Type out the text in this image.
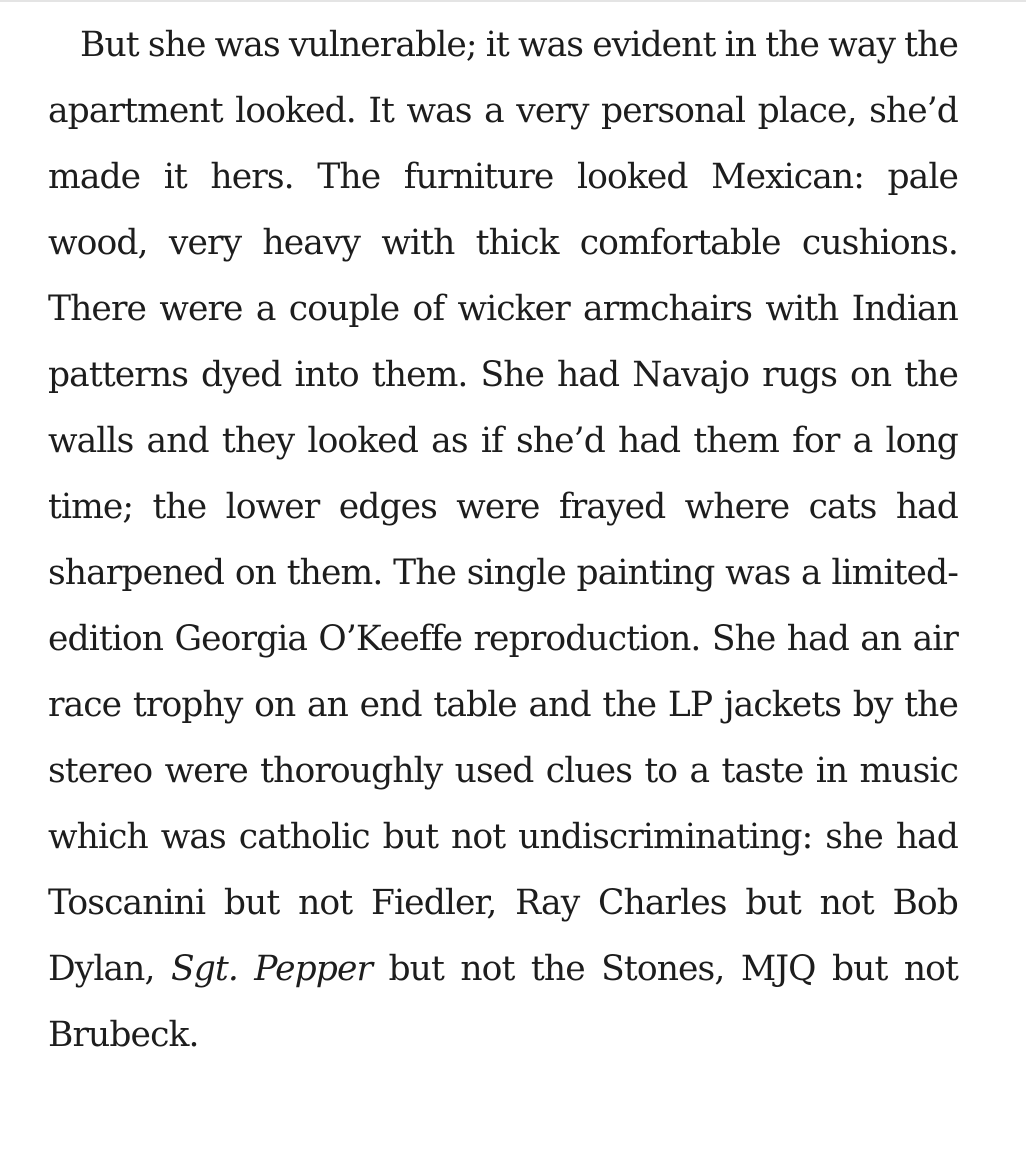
But she was vulnerable; it was evident in the way the apartment looked. It was a very personal place, she’d made it hers. The furniture looked Mexican: pale wood, very heavy with thick comfortable cushions. There were a couple of wicker armchairs with Indian patterns dyed into them. She had Navajo rugs on the walls and they looked as if she’d had them for a long time; the lower edges were frayed where cats had sharpened on them. The single painting was a limited-edition Georgia O’Keeffe reproduction. She had an air race trophy on an end table and the LP jackets by the stereo were thoroughly used clues to a taste in music which was catholic but not undiscriminating: she had Toscanini but not Fiedler, Ray Charles but not Bob Dylan, Sgt. Pepper but not the Stones, MJQ but not Brubeck.
